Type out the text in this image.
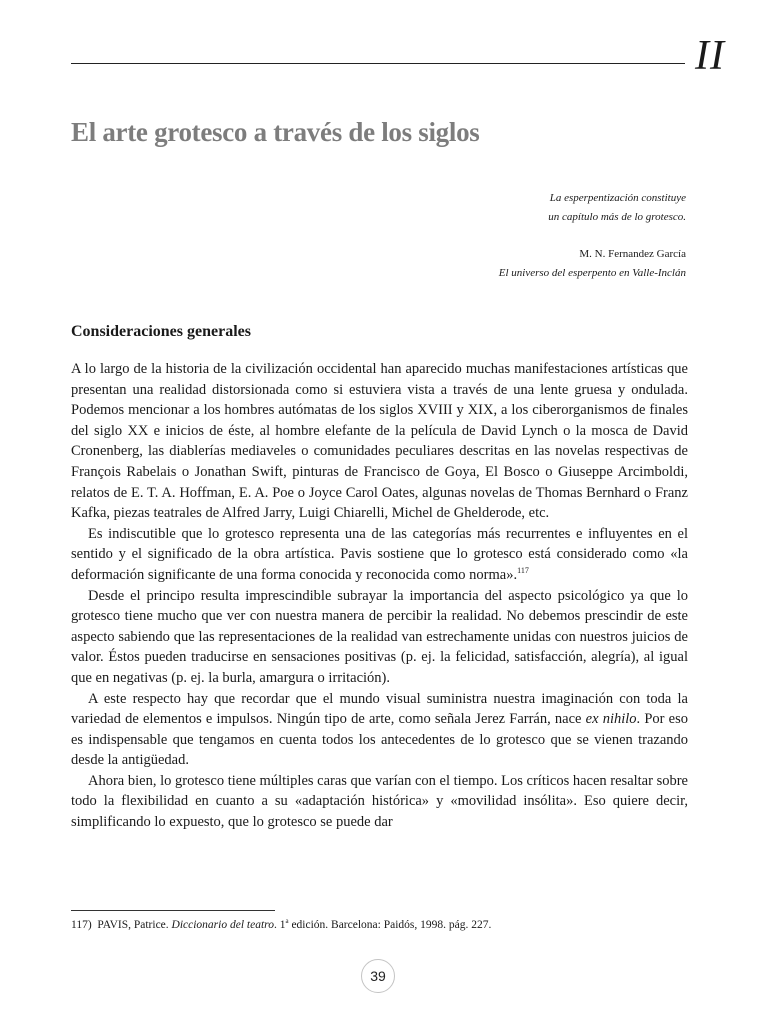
II
El arte grotesco a través de los siglos
La esperpentización constituye
un capítulo más de lo grotesco.
M. N. Fernandez García
El universo del esperpento en Valle-Inclán
Consideraciones generales

A lo largo de la historia de la civilización occidental han aparecido muchas manifestaciones artísticas que presentan una realidad distorsionada como si estuviera vista a través de una lente gruesa y ondulada. Podemos mencionar a los hombres autómatas de los siglos XVIII y XIX, a los ciberorganismos de finales del siglo XX e inicios de éste, al hombre elefante de la película de David Lynch o la mosca de David Cronenberg, las diablerías mediaveles o comunidades peculiares descritas en las novelas respectivas de François Rabelais o Jonathan Swift, pinturas de Francisco de Goya, El Bosco o Giuseppe Arcimboldi, relatos de E. T. A. Hoffman, E. A. Poe o Joyce Carol Oates, algunas novelas de Thomas Bernhard o Franz Kafka, piezas teatrales de Alfred Jarry, Luigi Chiarelli, Michel de Ghelderode, etc.

Es indiscutible que lo grotesco representa una de las categorías más recurrentes e influyentes en el sentido y el significado de la obra artística. Pavis sostiene que lo grotesco está considerado como «la deformación significante de una forma conocida y reconocida como norma».$^{117}$

Desde el principo resulta imprescindible subrayar la importancia del aspecto psicológico ya que lo grotesco tiene mucho que ver con nuestra manera de percibir la realidad. No debemos prescindir de este aspecto sabiendo que las representaciones de la realidad van estrechamente unidas con nuestros juicios de valor. Éstos pueden traducirse en sensaciones positivas (p. ej. la felicidad, satisfacción, alegría), al igual que en negativas (p. ej. la burla, amargura o irritación).

A este respecto hay que recordar que el mundo visual suministra nuestra imaginación con toda la variedad de elementos e impulsos. Ningún tipo de arte, como señala Jerez Farrán, nace ex nihilo. Por eso es indispensable que tengamos en cuenta todos los antecedentes de lo grotesco que se vienen trazando desde la antigüedad.

Ahora bien, lo grotesco tiene múltiples caras que varían con el tiempo. Los críticos hacen resaltar sobre todo la flexibilidad en cuanto a su «adaptación histórica» y «movilidad insólita». Eso quiere decir, simplificando lo expuesto, que lo grotesco se puede dar

117) PAVIS, Patrice. Diccionario del teatro. 1$^a$ edición. Barcelona: Paidós, 1998. pág. 227.
39
